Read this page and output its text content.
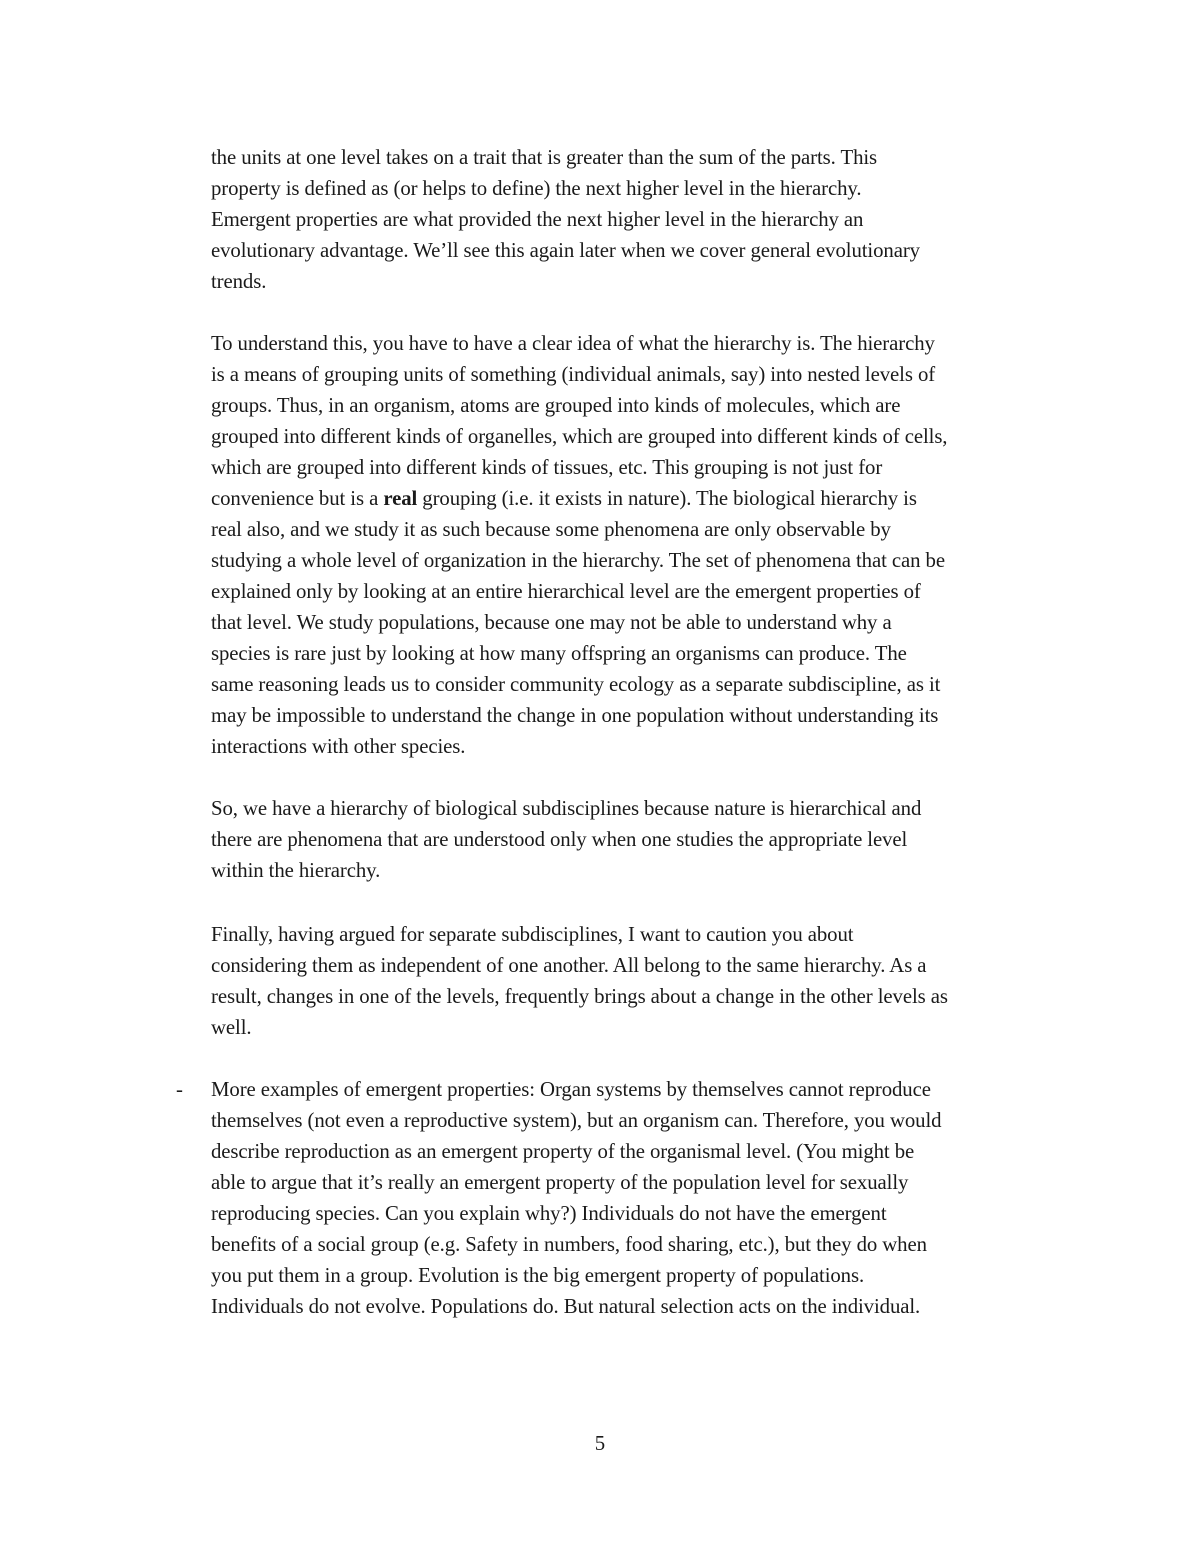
the units at one level takes on a trait that is greater than the sum of the parts. This
property is defined as (or helps to define) the next higher level in the hierarchy.
Emergent properties are what provided the next higher level in the hierarchy an
evolutionary advantage. We’ll see this again later when we cover general evolutionary
trends.
To understand this, you have to have a clear idea of what the hierarchy is. The hierarchy
is a means of grouping units of something (individual animals, say) into nested levels of
groups. Thus, in an organism, atoms are grouped into kinds of molecules, which are
grouped into different kinds of organelles, which are grouped into different kinds of cells,
which are grouped into different kinds of tissues, etc. This grouping is not just for
convenience but is a real grouping (i.e. it exists in nature). The biological hierarchy is
real also, and we study it as such because some phenomena are only observable by
studying a whole level of organization in the hierarchy. The set of phenomena that can be
explained only by looking at an entire hierarchical level are the emergent properties of
that level. We study populations, because one may not be able to understand why a
species is rare just by looking at how many offspring an organisms can produce. The
same reasoning leads us to consider community ecology as a separate subdiscipline, as it
may be impossible to understand the change in one population without understanding its
interactions with other species.
So, we have a hierarchy of biological subdisciplines because nature is hierarchical and
there are phenomena that are understood only when one studies the appropriate level
within the hierarchy.
Finally, having argued for separate subdisciplines, I want to caution you about
considering them as independent of one another. All belong to the same hierarchy. As a
result, changes in one of the levels, frequently brings about a change in the other levels as
well.
- More examples of emergent properties: Organ systems by themselves cannot reproduce
themselves (not even a reproductive system), but an organism can. Therefore, you would
describe reproduction as an emergent property of the organismal level. (You might be
able to argue that it’s really an emergent property of the population level for sexually
reproducing species. Can you explain why?) Individuals do not have the emergent
benefits of a social group (e.g. Safety in numbers, food sharing, etc.), but they do when
you put them in a group. Evolution is the big emergent property of populations.
Individuals do not evolve. Populations do. But natural selection acts on the individual.
5
